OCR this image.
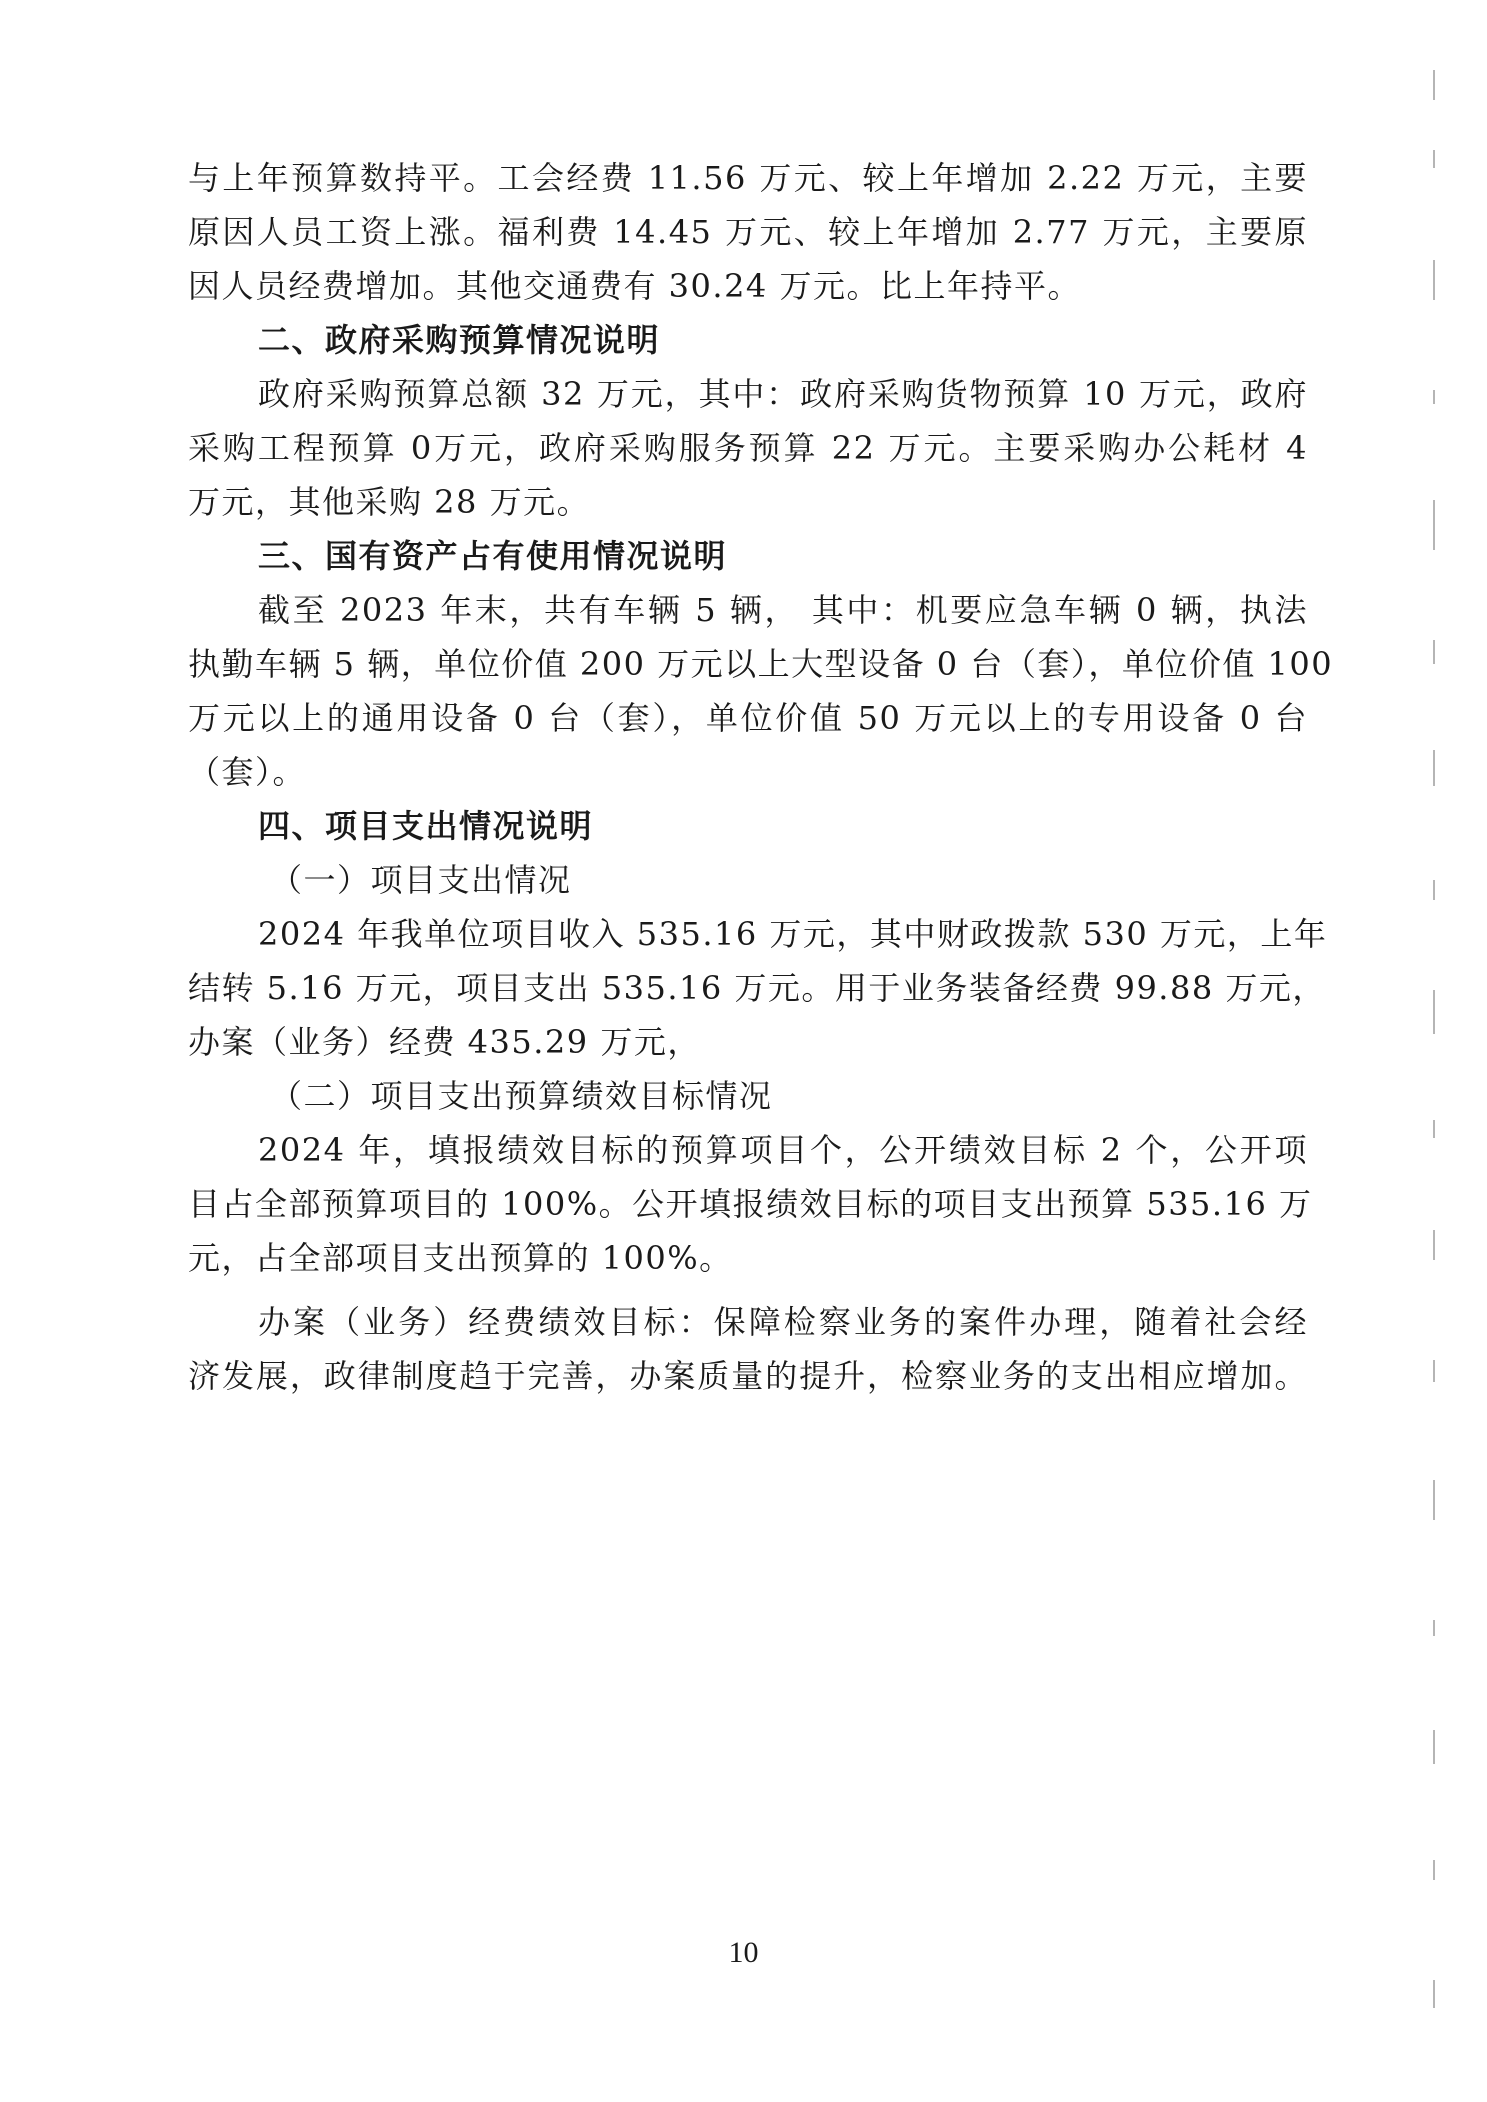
与上年预算数持平。工会经费 11.56 万元、较上年增加 2.22 万元，主要
原因人员工资上涨。福利费 14.45 万元、较上年增加 2.77 万元，主要原
因人员经费增加。其他交通费有 30.24 万元。比上年持平。
二、政府采购预算情况说明
政府采购预算总额 32 万元，其中：政府采购货物预算 10 万元，政府
采购工程预算 0万元，政府采购服务预算 22 万元。主要采购办公耗材 4
万元，其他采购 28 万元。
三、国有资产占有使用情况说明
截至 2023 年末，共有车辆 5 辆， 其中：机要应急车辆 0 辆，执法
执勤车辆 5 辆，单位价值 200 万元以上大型设备 0 台（套），单位价值 100
万元以上的通用设备 0 台（套），单位价值 50 万元以上的专用设备 0 台
（套）。
四、项目支出情况说明
（一）项目支出情况
2024 年我单位项目收入 535.16 万元，其中财政拨款 530 万元，上年
结转 5.16 万元，项目支出 535.16 万元。用于业务装备经费 99.88 万元，
办案（业务）经费 435.29 万元，
（二）项目支出预算绩效目标情况
2024 年，填报绩效目标的预算项目个，公开绩效目标 2 个，公开项
目占全部预算项目的 100%。公开填报绩效目标的项目支出预算 535.16 万
元，占全部项目支出预算的 100%。
办案（业务）经费绩效目标：保障检察业务的案件办理，随着社会经
济发展，政律制度趋于完善，办案质量的提升，检察业务的支出相应增加。
10
